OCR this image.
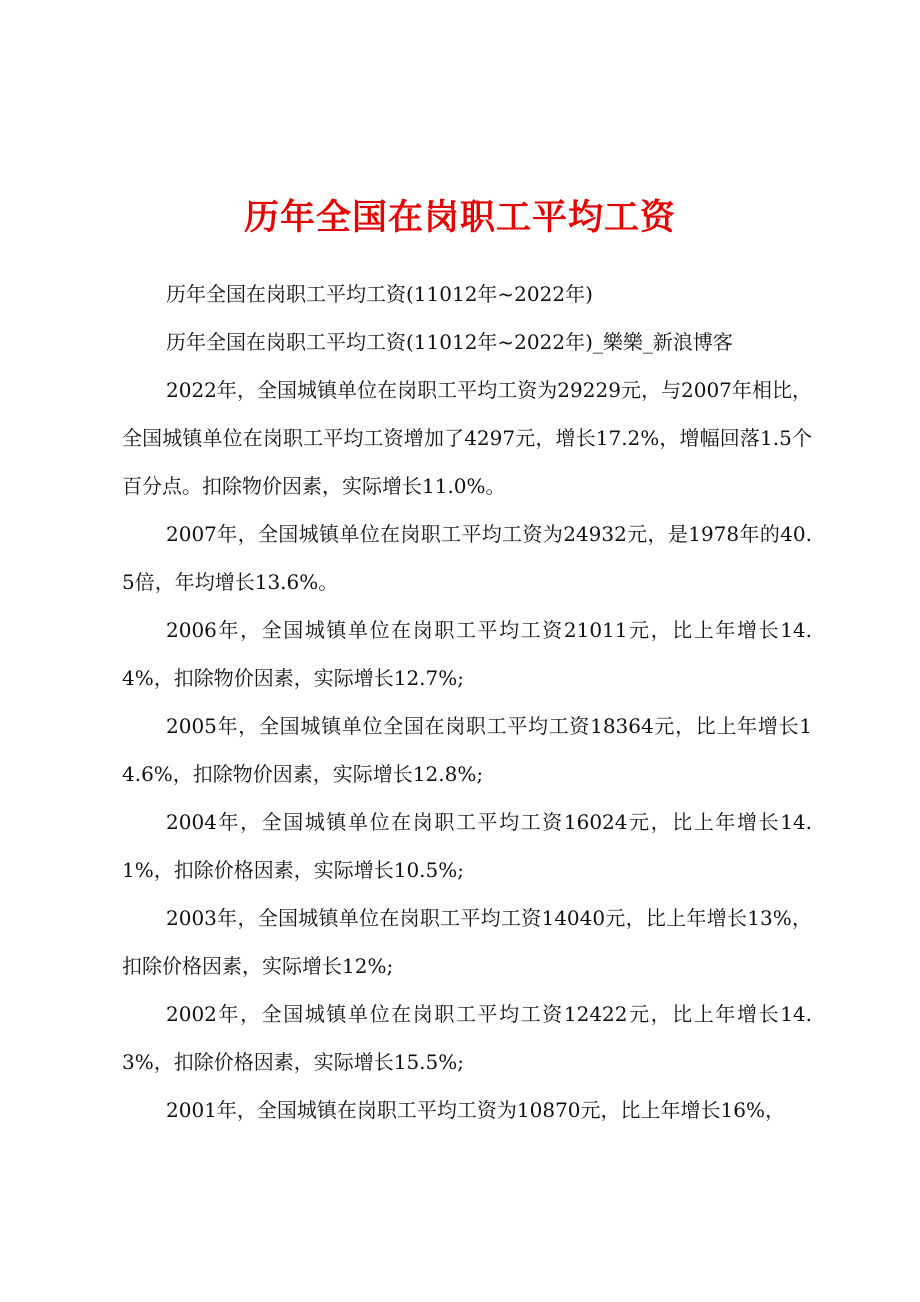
历年全国在岗职工平均工资

历年全国在岗职工平均工资(11012年~2022年)

历年全国在岗职工平均工资(11012年~2022年)_樂樂_新浪博客

2022年，全国城镇单位在岗职工平均工资为29229元，与2007年相比，全国城镇单位在岗职工平均工资增加了4297元，增长17.2%，增幅回落1.5个百分点。扣除物价因素，实际增长11.0%。

2007年，全国城镇单位在岗职工平均工资为24932元，是1978年的40.5倍，年均增长13.6%。

2006年，全国城镇单位在岗职工平均工资21011元，比上年增长14.4%，扣除物价因素，实际增长12.7%;

2005年，全国城镇单位全国在岗职工平均工资18364元，比上年增长14.6%，扣除物价因素，实际增长12.8%;

2004年，全国城镇单位在岗职工平均工资16024元，比上年增长14.1%，扣除价格因素，实际增长10.5%;

2003年，全国城镇单位在岗职工平均工资14040元，比上年增长13%，扣除价格因素，实际增长12%;

2002年，全国城镇单位在岗职工平均工资12422元，比上年增长14.3%，扣除价格因素，实际增长15.5%;

2001年，全国城镇在岗职工平均工资为10870元，比上年增长16%，
